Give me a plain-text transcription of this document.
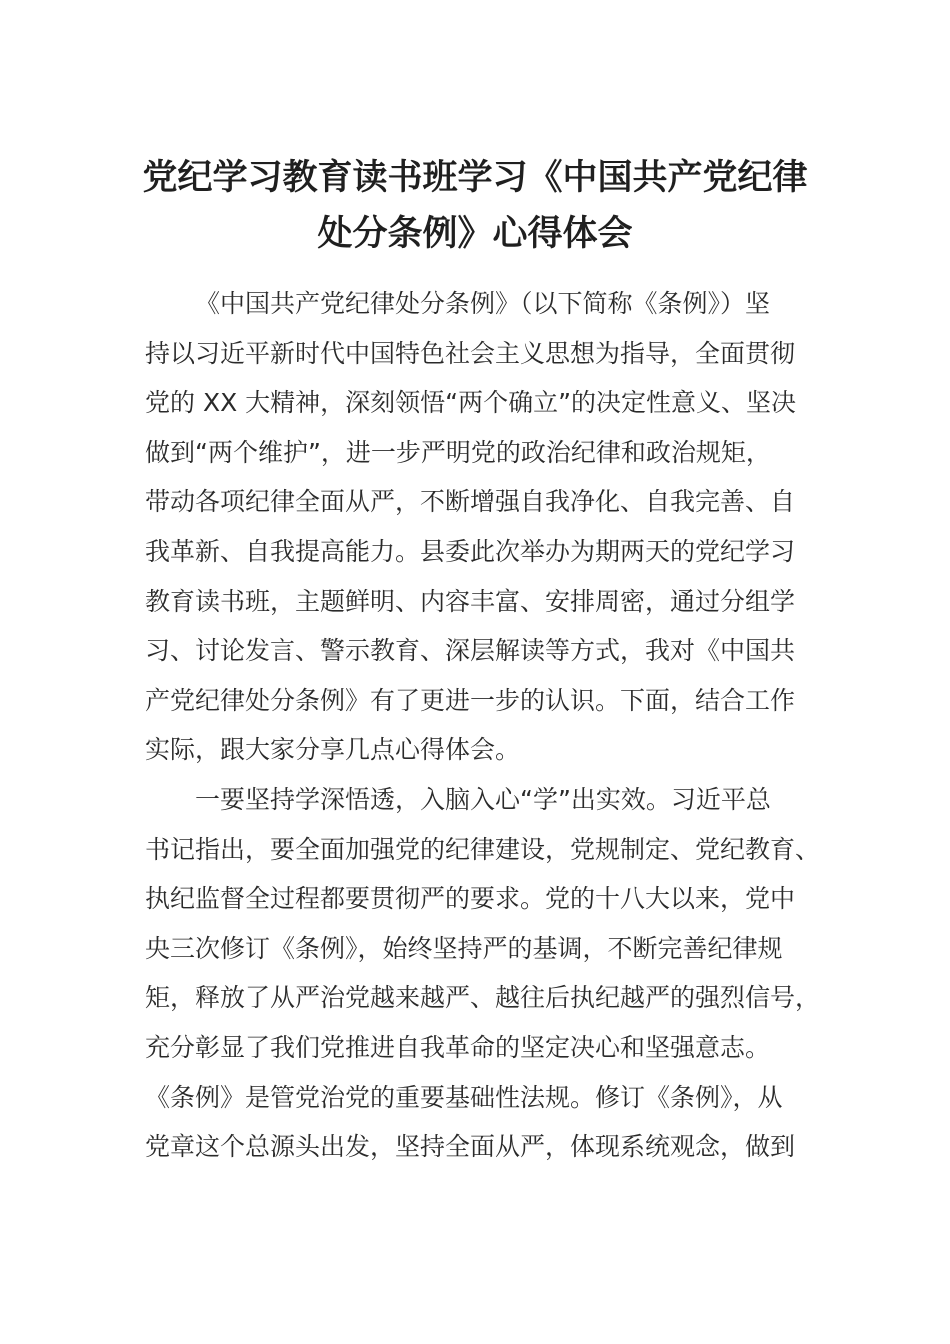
党纪学习教育读书班学习《中国共产党纪律
处分条例》心得体会
《中国共产党纪律处分条例》（以下简称《条例》）坚
持以习近平新时代中国特色社会主义思想为指导，全面贯彻
党的 XX 大精神，深刻领悟“两个确立”的决定性意义、坚决
做到“两个维护”，进一步严明党的政治纪律和政治规矩，
带动各项纪律全面从严，不断增强自我净化、自我完善、自
我革新、自我提高能力。县委此次举办为期两天的党纪学习
教育读书班，主题鲜明、内容丰富、安排周密，通过分组学
习、讨论发言、警示教育、深层解读等方式，我对《中国共
产党纪律处分条例》有了更进一步的认识。下面，结合工作
实际，跟大家分享几点心得体会。
一要坚持学深悟透，入脑入心“学”出实效。习近平总
书记指出，要全面加强党的纪律建设，党规制定、党纪教育、
执纪监督全过程都要贯彻严的要求。党的十八大以来，党中
央三次修订《条例》，始终坚持严的基调，不断完善纪律规
矩，释放了从严治党越来越严、越往后执纪越严的强烈信号，
充分彰显了我们党推进自我革命的坚定决心和坚强意志。
《条例》是管党治党的重要基础性法规。修订《条例》，从
党章这个总源头出发，坚持全面从严，体现系统观念，做到
